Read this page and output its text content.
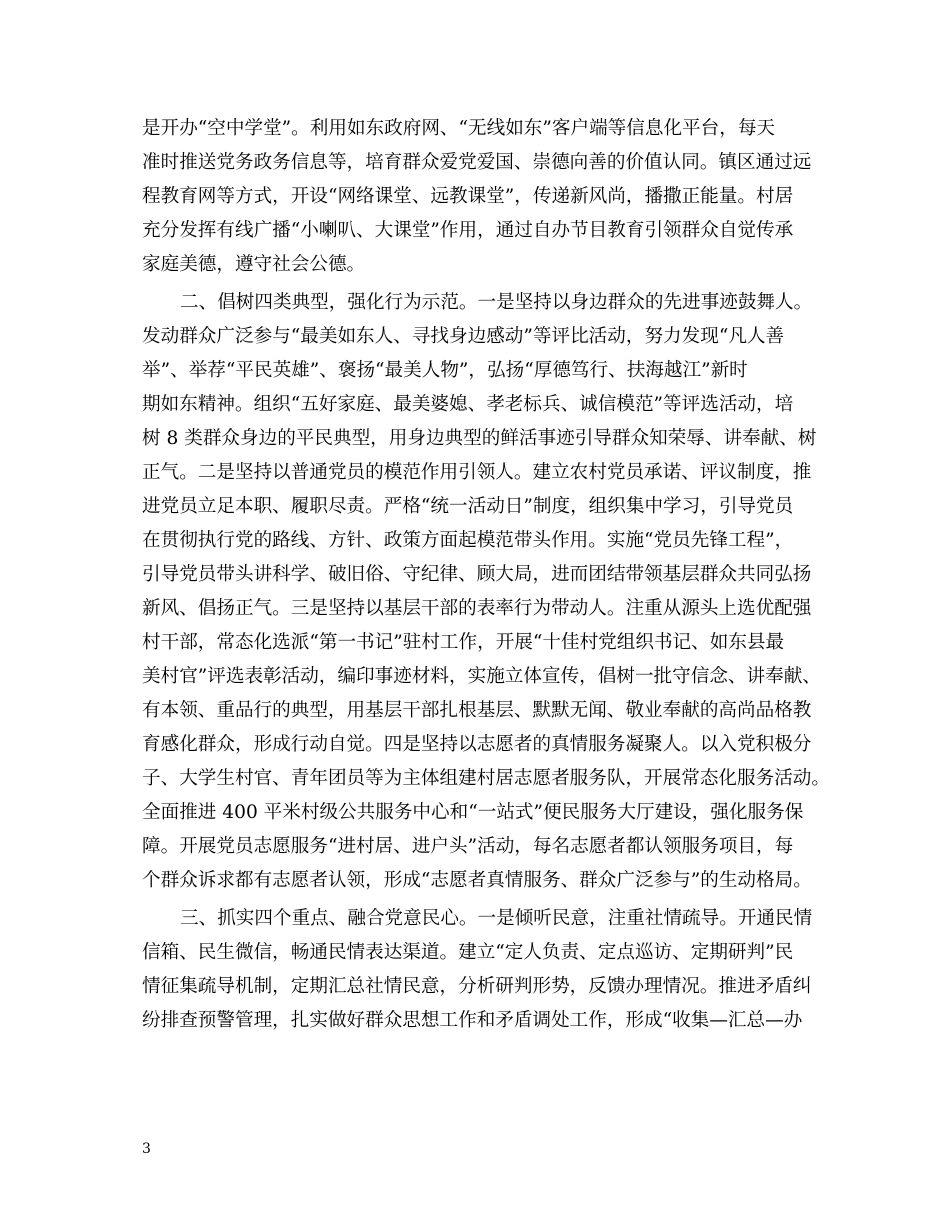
是开办“空中学堂”。利用如东政府网、“无线如东”客户端等信息化平台，每天
准时推送党务政务信息等，培育群众爱党爱国、崇德向善的价值认同。镇区通过远
程教育网等方式，开设“网络课堂、远教课堂”，传递新风尚，播撒正能量。村居
充分发挥有线广播“小喇叭、大课堂”作用，通过自办节目教育引领群众自觉传承
家庭美德，遵守社会公德。
二、倡树四类典型，强化行为示范。一是坚持以身边群众的先进事迹鼓舞人。
发动群众广泛参与“最美如东人、寻找身边感动”等评比活动，努力发现“凡人善
举”、举荐“平民英雄”、褒扬“最美人物”，弘扬“厚德笃行、扶海越江”新时
期如东精神。组织“五好家庭、最美婆媳、孝老标兵、诚信模范”等评选活动，培
树 8 类群众身边的平民典型，用身边典型的鲜活事迹引导群众知荣辱、讲奉献、树
正气。二是坚持以普通党员的模范作用引领人。建立农村党员承诺、评议制度，推
进党员立足本职、履职尽责。严格“统一活动日”制度，组织集中学习，引导党员
在贯彻执行党的路线、方针、政策方面起模范带头作用。实施“党员先锋工程”，
引导党员带头讲科学、破旧俗、守纪律、顾大局，进而团结带领基层群众共同弘扬
新风、倡扬正气。三是坚持以基层干部的表率行为带动人。注重从源头上选优配强
村干部，常态化选派“第一书记”驻村工作，开展“十佳村党组织书记、如东县最
美村官”评选表彰活动，编印事迹材料，实施立体宣传，倡树一批守信念、讲奉献、
有本领、重品行的典型，用基层干部扎根基层、默默无闻、敬业奉献的高尚品格教
育感化群众，形成行动自觉。四是坚持以志愿者的真情服务凝聚人。以入党积极分
子、大学生村官、青年团员等为主体组建村居志愿者服务队，开展常态化服务活动。
全面推进 400 平米村级公共服务中心和“一站式”便民服务大厅建设，强化服务保
障。开展党员志愿服务“进村居、进户头”活动，每名志愿者都认领服务项目，每
个群众诉求都有志愿者认领，形成“志愿者真情服务、群众广泛参与”的生动格局。
三、抓实四个重点、融合党意民心。一是倾听民意，注重社情疏导。开通民情
信箱、民生微信，畅通民情表达渠道。建立“定人负责、定点巡访、定期研判”民
情征集疏导机制，定期汇总社情民意，分析研判形势，反馈办理情况。推进矛盾纠
纷排查预警管理，扎实做好群众思想工作和矛盾调处工作，形成“收集—汇总—办
3
